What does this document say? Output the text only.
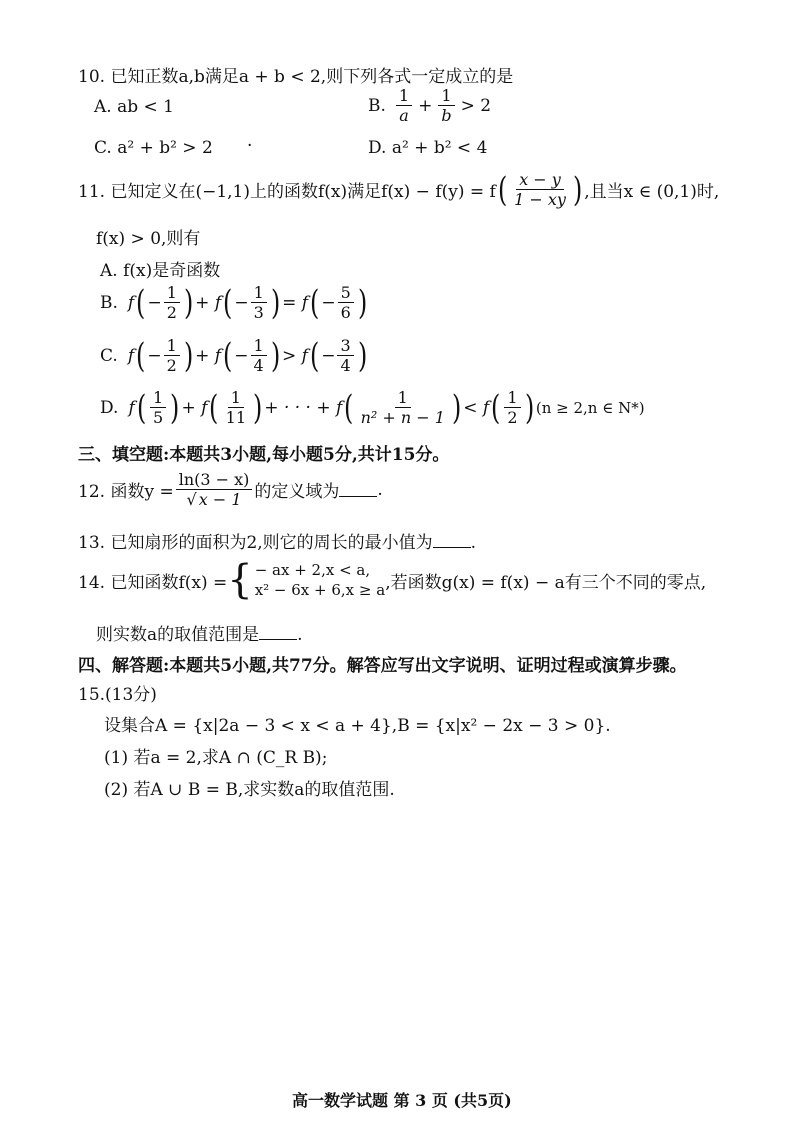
10. 已知正数a,b满足a + b < 2,则下列各式一定成立的是
A. ab < 1	B. $\frac{1}{a} + \frac{1}{b} > 2$
C. a² + b² > 2 ·	D. a² + b² < 4
11. 已知定义在(−1,1)上的函数f(x)满足f(x) − f(y) = f ( $\frac{x - y}{1 - xy}$ ) ,且当x ∈ (0,1)时,
f(x) > 0,则有
A. f(x)是奇函数
B. f ( − $\frac{1}{2}$ ) + f ( − $\frac{1}{3}$ ) = f ( − $\frac{5}{6}$ )
C. f ( − $\frac{1}{2}$ ) + f ( − $\frac{1}{4}$ ) > f ( − $\frac{3}{4}$ )
D. f ( $\frac{1}{5}$ ) + f ( $\frac{1}{11}$ ) + · · · + f ( $\frac{1}{\text{n² + n − 1}}$ ) < f ( $\frac{1}{2}$ ) (n ≥ 2,n ∈ N*)
三、填空题:本题共3小题,每小题5分,共计15分。
12. 函数$y = \frac{\ln(3 - x)}{√ x - 1}$ 的定义域为 .
13. 已知扇形的面积为2,则它的周长的最小值为 .
14. 已知函数f(x) = { − ax + 2,x < a,
x² − 6x + 6,x ≥ a ,若函数g(x) = f(x) − a有三个不同的零点,
则实数a的取值范围是 .
四、解答题:本题共5小题,共77分。解答应写出文字说明、证明过程或演算步骤。
15.(13分)
设集合A = {x|2a − 3 < x < a + 4},B = {x|x² − 2x − 3 > 0}.
(1) 若a = 2,求A ∩ (C_R B);
(2) 若A ∪ B = B,求实数a的取值范围.
高一数学试题 第 3 页 (共5页)
